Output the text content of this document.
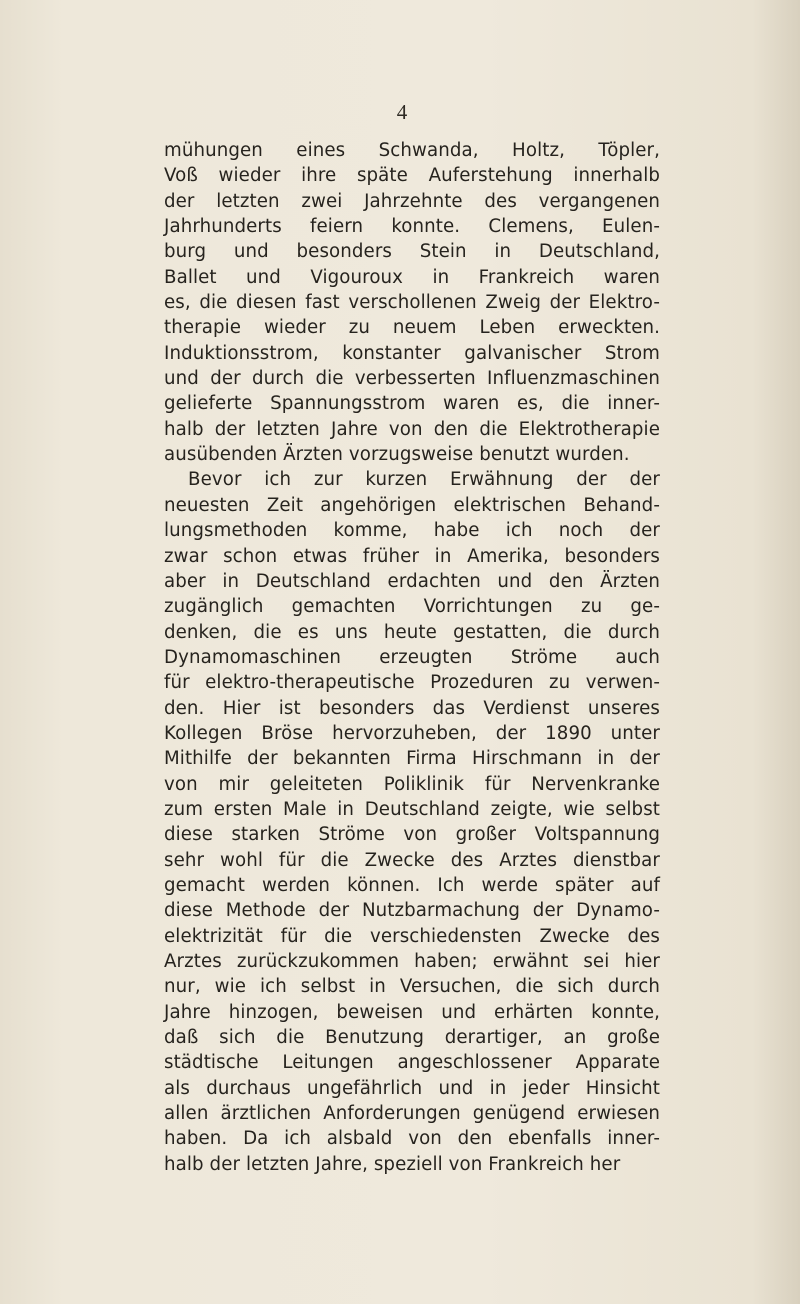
4
mühungen eines Schwanda, Holtz, Töpler,
Voß wieder ihre späte Auferstehung innerhalb
der letzten zwei Jahrzehnte des vergangenen
Jahrhunderts feiern konnte. Clemens, Eulen-
burg und besonders Stein in Deutschland,
Ballet und Vigouroux in Frankreich waren
es, die diesen fast verschollenen Zweig der Elektro-
therapie wieder zu neuem Leben erweckten.
Induktionsstrom, konstanter galvanischer Strom
und der durch die verbesserten Influenzmaschinen
gelieferte Spannungsstrom waren es, die inner-
halb der letzten Jahre von den die Elektrotherapie
ausübenden Ärzten vorzugsweise benutzt wurden.
Bevor ich zur kurzen Erwähnung der der
neuesten Zeit angehörigen elektrischen Behand-
lungsmethoden komme, habe ich noch der
zwar schon etwas früher in Amerika, besonders
aber in Deutschland erdachten und den Ärzten
zugänglich gemachten Vorrichtungen zu ge-
denken, die es uns heute gestatten, die durch
Dynamomaschinen erzeugten Ströme auch
für elektro-therapeutische Prozeduren zu verwen-
den. Hier ist besonders das Verdienst unseres
Kollegen Bröse hervorzuheben, der 1890 unter
Mithilfe der bekannten Firma Hirschmann in der
von mir geleiteten Poliklinik für Nervenkranke
zum ersten Male in Deutschland zeigte, wie selbst
diese starken Ströme von großer Voltspannung
sehr wohl für die Zwecke des Arztes dienstbar
gemacht werden können. Ich werde später auf
diese Methode der Nutzbarmachung der Dynamo-
elektrizität für die verschiedensten Zwecke des
Arztes zurückzukommen haben; erwähnt sei hier
nur, wie ich selbst in Versuchen, die sich durch
Jahre hinzogen, beweisen und erhärten konnte,
daß sich die Benutzung derartiger, an große
städtische Leitungen angeschlossener Apparate
als durchaus ungefährlich und in jeder Hinsicht
allen ärztlichen Anforderungen genügend erwiesen
haben. Da ich alsbald von den ebenfalls inner-
halb der letzten Jahre, speziell von Frankreich her
